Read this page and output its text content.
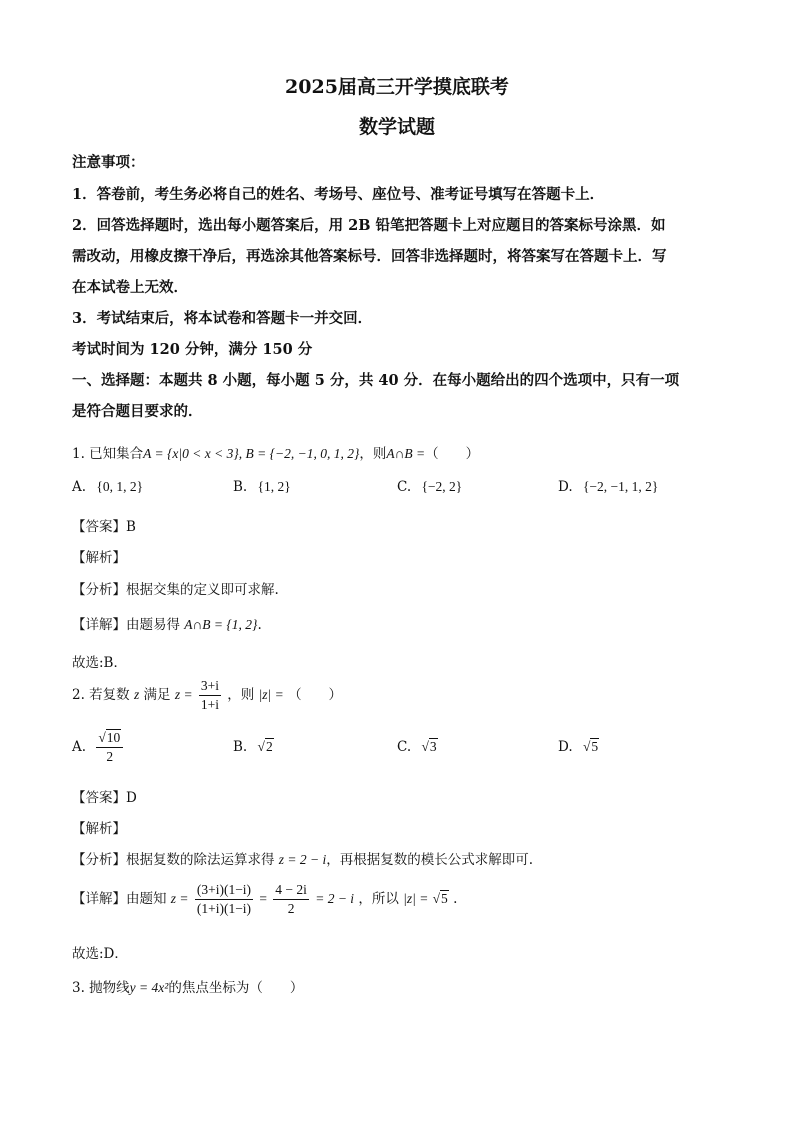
2025届高三开学摸底联考
数学试题
注意事项：
1．答卷前，考生务必将自己的姓名、考场号、座位号、准考证号填写在答题卡上．
2．回答选择题时，选出每小题答案后，用 2B 铅笔把答题卡上对应题目的答案标号涂黑．如
需改动，用橡皮擦干净后，再选涂其他答案标号．回答非选择题时，将答案写在答题卡上．写
在本试卷上无效．
3．考试结束后，将本试卷和答题卡一并交回．
考试时间为 120 分钟，满分 150 分
一、选择题：本题共 8 小题，每小题 5 分，共 40 分．在每小题给出的四个选项中，只有一项
是符合题目要求的．
1. 已知集合A = {x|0 < x < 3}, B = {−2, −1, 0, 1, 2}，则A∩B =（　　）
A. {0, 1, 2}	B. {1, 2}	C. {−2, 2}	D. {−2, −1, 1, 2}
【答案】B
【解析】
【分析】根据交集的定义即可求解.
【详解】由题易得 A∩B = {1, 2}.
故选:B．
2. 若复数 z 满足 $z = \frac{3+i}{1+i}$ ，则 |z| = （　　）
A. $\frac{√10}{2}$	B. √2	C. √3	D. √5
【答案】D
【解析】
【分析】根据复数的除法运算求得 z = 2 − i，再根据复数的模长公式求解即可.
【详解】由题知 $z = \frac{(3+i)(1-i)}{(1+i)(1-i)} = \frac{4 - 2i}{2} = 2 - i$ ，所以 |z| = √5 .
故选:D．
3. 抛物线y = 4x²的焦点坐标为（　　）
